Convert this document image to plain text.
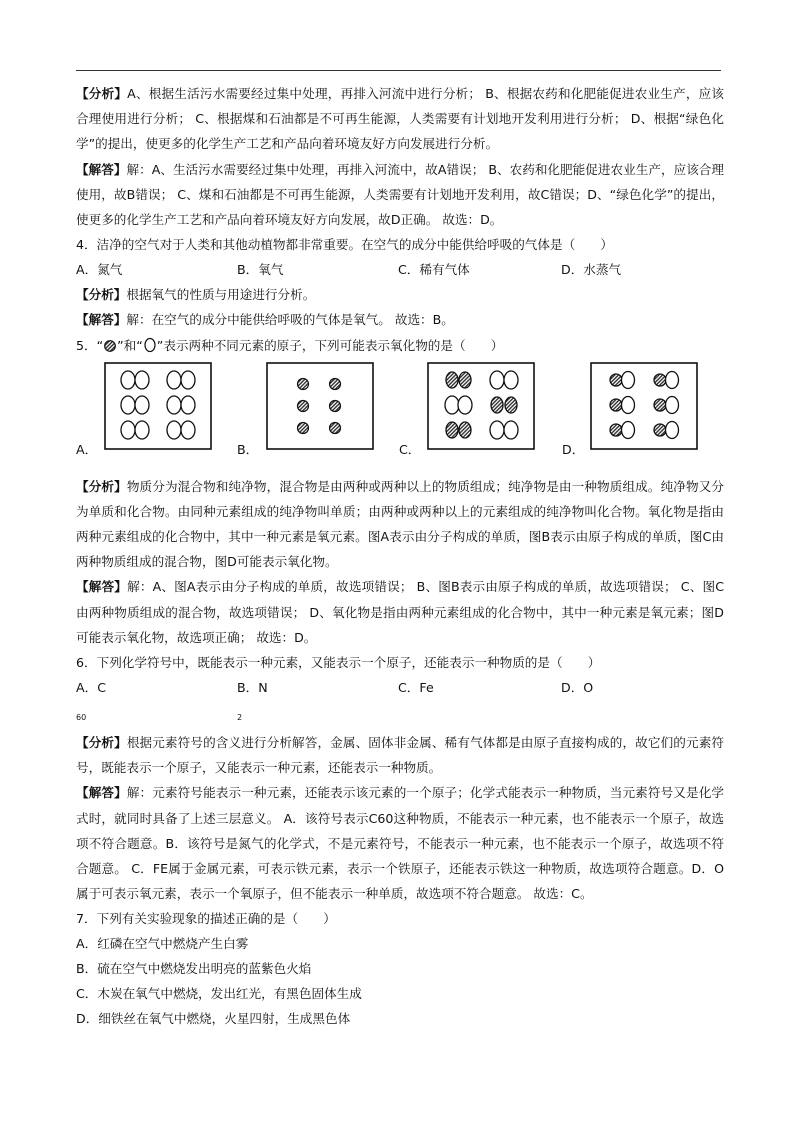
【分析】A、根据生活污水需要经过集中处理，再排入河流中进行分析； B、根据农药和化肥能促进农业生产，应该合理使用进行分析； C、根据煤和石油都是不可再生能源，人类需要有计划地开发利用进行分析； D、根据“绿色化学”的提出，使更多的化学生产工艺和产品向着环境友好方向发展进行分析。

【解答】解：A、生活污水需要经过集中处理，再排入河流中，故A错误； B、农药和化肥能促进农业生产，应该合理使用，故B错误； C、煤和石油都是不可再生能源，人类需要有计划地开发利用，故C错误；D、“绿色化学”的提出，使更多的化学生产工艺和产品向着环境友好方向发展，故D正确。 故选：D。

4．洁净的空气对于人类和其他动植物都非常重要。在空气的成分中能供给呼吸的气体是（　　）

A．氮气	B．氧气	C．稀有气体	D．水蒸气

【分析】根据氧气的性质与用途进行分析。

【解答】解：在空气的成分中能供给呼吸的气体是氧气。 故选：B。

5．“ ”和“ ”表示两种不同元素的原子，下列可能表示氧化物的是（　　）

A．	B．	C．	D．

【分析】物质分为混合物和纯净物，混合物是由两种或两种以上的物质组成；纯净物是由一种物质组成。纯净物又分为单质和化合物。由同种元素组成的纯净物叫单质；由两种或两种以上的元素组成的纯净物叫化合物。氧化物是指由两种元素组成的化合物中，其中一种元素是氧元素。图A表示由分子构成的单质，图B表示由原子构成的单质，图C由两种物质组成的混合物，图D可能表示氧化物。

【解答】解：A、图A表示由分子构成的单质，故选项错误； B、图B表示由原子构成的单质，故选项错误； C、图C由两种物质组成的混合物，故选项错误； D、氧化物是指由两种元素组成的化合物中，其中一种元素是氧元素；图D可能表示氧化物，故选项正确； 故选：D。

6．下列化学符号中，既能表示一种元素，又能表示一个原子，还能表示一种物质的是（　　）

A．C
$_{60}$
B．N
$_2$
C．Fe	D．O

【分析】根据元素符号的含义进行分析解答，金属、固体非金属、稀有气体都是由原子直接构成的，故它们的元素符号，既能表示一个原子，又能表示一种元素，还能表示一种物质。

【解答】解：元素符号能表示一种元素，还能表示该元素的一个原子；化学式能表示一种物质，当元素符号又是化学式时，就同时具备了上述三层意义。 A．该符号表示C60这种物质，不能表示一种元素，也不能表示一个原子，故选项不符合题意。B．该符号是氮气的化学式，不是元素符号，不能表示一种元素，也不能表示一个原子，故选项不符合题意。 C．FE属于金属元素，可表示铁元素，表示一个铁原子，还能表示铁这一种物质，故选项符合题意。D．O属于可表示氧元素，表示一个氧原子，但不能表示一种单质，故选项不符合题意。 故选：C。

7．下列有关实验现象的描述正确的是（　　）

A．红磷在空气中燃烧产生白雾

B．硫在空气中燃烧发出明亮的蓝紫色火焰

C．木炭在氧气中燃烧，发出红光，有黑色固体生成

D．细铁丝在氧气中燃烧，火星四射，生成黑色体
